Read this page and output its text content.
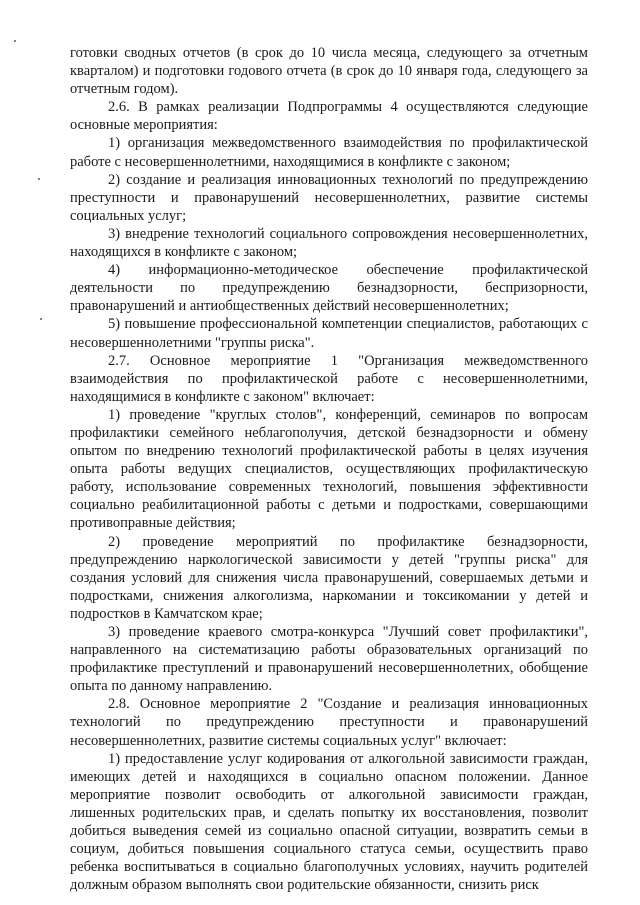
готовки сводных отчетов (в срок до 10 числа месяца, следующего за отчетным кварталом) и подготовки годового отчета (в срок до 10 января года, следующего за отчетным годом).

2.6. В рамках реализации Подпрограммы 4 осуществляются следующие основные мероприятия:

1) организация межведомственного взаимодействия по профилактической работе с несовершеннолетними, находящимися в конфликте с законом;

2) создание и реализация инновационных технологий по предупреждению преступности и правонарушений несовершеннолетних, развитие системы социальных услуг;

3) внедрение технологий социального сопровождения несовершеннолетних, находящихся в конфликте с законом;

4) информационно-методическое обеспечение профилактической деятельности по предупреждению безнадзорности, беспризорности, правонарушений и антиобщественных действий несовершеннолетних;

5) повышение профессиональной компетенции специалистов, работающих с несовершеннолетними "группы риска".

2.7. Основное мероприятие 1 "Организация межведомственного взаимодействия по профилактической работе с несовершеннолетними, находящимися в конфликте с законом" включает:

1) проведение "круглых столов", конференций, семинаров по вопросам профилактики семейного неблагополучия, детской безнадзорности и обмену опытом по внедрению технологий профилактической работы в целях изучения опыта работы ведущих специалистов, осуществляющих профилактическую работу, использование современных технологий, повышения эффективности социально реабилитационной работы с детьми и подростками, совершающими противоправные действия;

2) проведение мероприятий по профилактике безнадзорности, предупреждению наркологической зависимости у детей "группы риска" для создания условий для снижения числа правонарушений, совершаемых детьми и подростками, снижения алкоголизма, наркомании и токсикомании у детей и подростков в Камчатском крае;

3) проведение краевого смотра-конкурса "Лучший совет профилактики", направленного на систематизацию работы образовательных организаций по профилактике преступлений и правонарушений несовершеннолетних, обобщение опыта по данному направлению.

2.8. Основное мероприятие 2 "Создание и реализация инновационных технологий по предупреждению преступности и правонарушений несовершеннолетних, развитие системы социальных услуг" включает:

1) предоставление услуг кодирования от алкогольной зависимости граждан, имеющих детей и находящихся в социально опасном положении. Данное мероприятие позволит освободить от алкогольной зависимости граждан, лишенных родительских прав, и сделать попытку их восстановления, позволит добиться выведения семей из социально опасной ситуации, возвратить семьи в социум, добиться повышения социального статуса семьи, осуществить право ребенка воспитываться в социально благополучных условиях, научить родителей должным образом выполнять свои родительские обязанности, снизить риск
